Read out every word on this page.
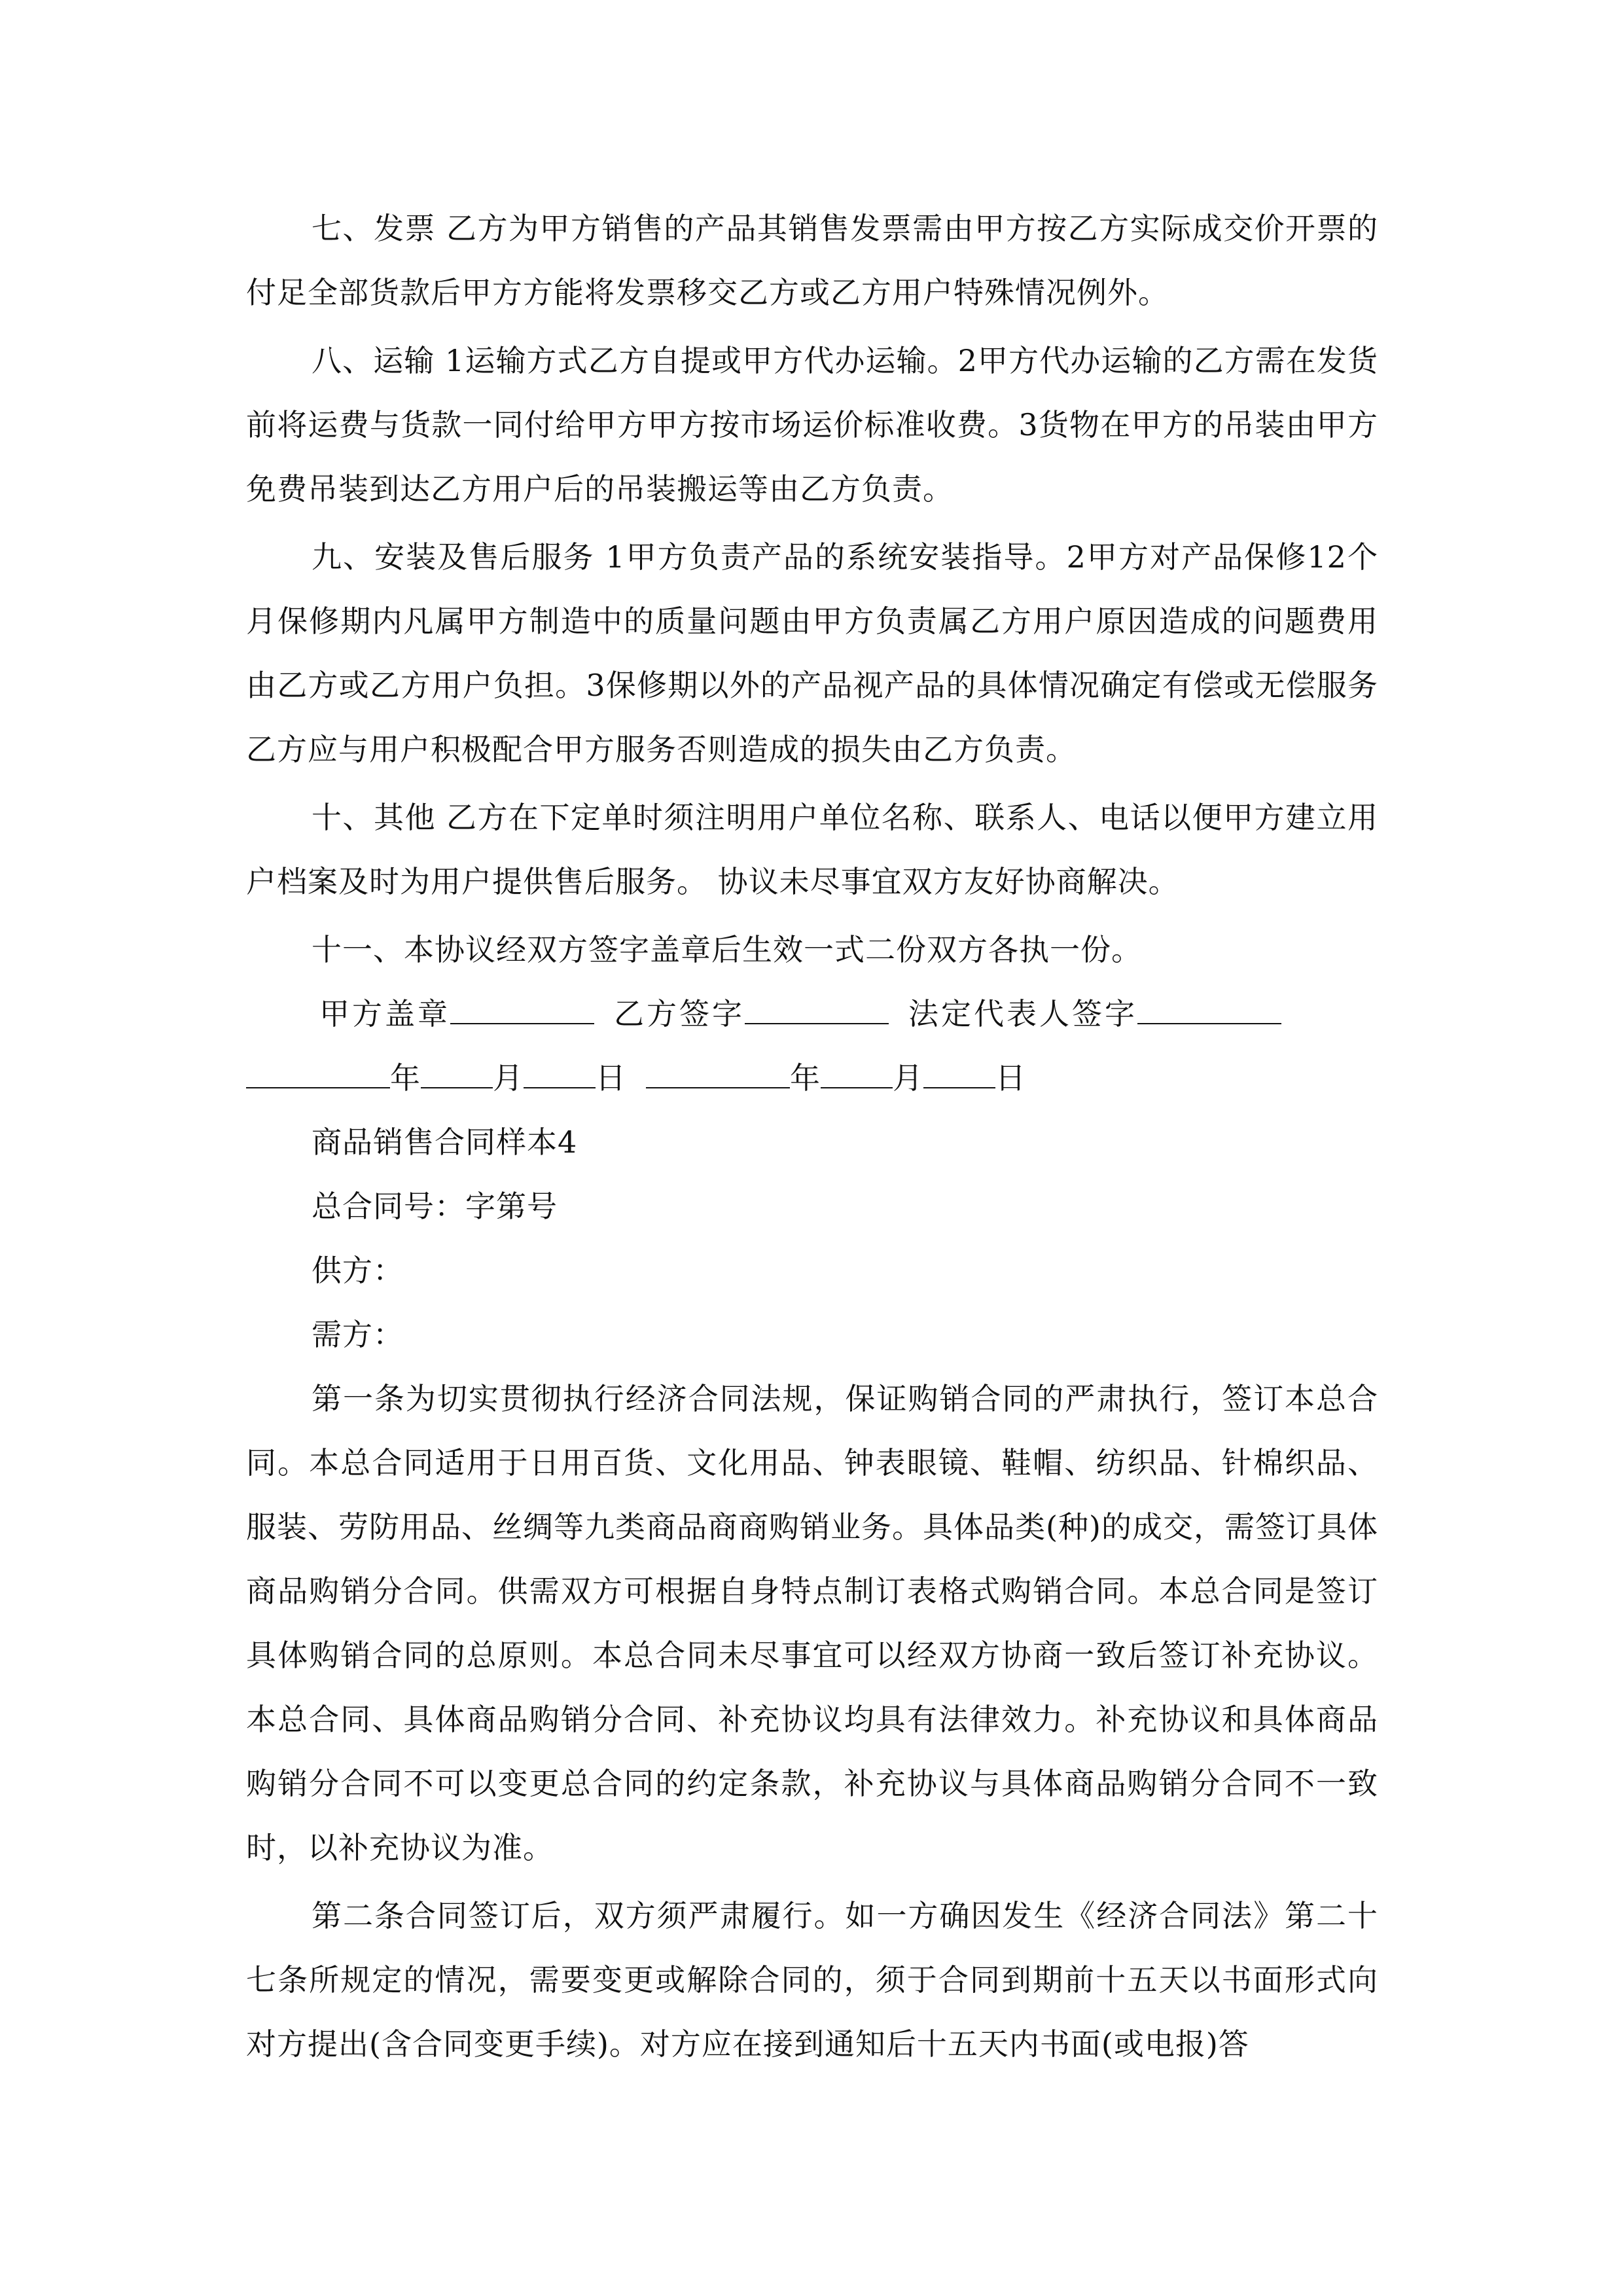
七、发票 乙方为甲方销售的产品其销售发票需由甲方按乙方实际成交价开票的付足全部货款后甲方方能将发票移交乙方或乙方用户特殊情况例外。

八、运输 1运输方式乙方自提或甲方代办运输。2甲方代办运输的乙方需在发货前将运费与货款一同付给甲方甲方按市场运价标准收费。3货物在甲方的吊装由甲方免费吊装到达乙方用户后的吊装搬运等由乙方负责。

九、安装及售后服务 1甲方负责产品的系统安装指导。2甲方对产品保修12个月保修期内凡属甲方制造中的质量问题由甲方负责属乙方用户原因造成的问题费用由乙方或乙方用户负担。3保修期以外的产品视产品的具体情况确定有偿或无偿服务乙方应与用户积极配合甲方服务否则造成的损失由乙方负责。

十、其他 乙方在下定单时须注明用户单位名称、联系人、电话以便甲方建立用户档案及时为用户提供售后服务。 协议未尽事宜双方友好协商解决。

十一、本协议经双方签字盖章后生效一式二份双方各执一份。

甲方盖章	乙方签字	法定代表人签字
年 月 日	年 月 日
商品销售合同样本4
总合同号：字第号
供方：
需方：

第一条为切实贯彻执行经济合同法规，保证购销合同的严肃执行，签订本总合同。本总合同适用于日用百货、文化用品、钟表眼镜、鞋帽、纺织品、针棉织品、服装、劳防用品、丝绸等九类商品商商购销业务。具体品类(种)的成交，需签订具体商品购销分合同。供需双方可根据自身特点制订表格式购销合同。本总合同是签订具体购销合同的总原则。本总合同未尽事宜可以经双方协商一致后签订补充协议。本总合同、具体商品购销分合同、补充协议均具有法律效力。补充协议和具体商品购销分合同不可以变更总合同的约定条款，补充协议与具体商品购销分合同不一致时，以补充协议为准。

第二条合同签订后，双方须严肃履行。如一方确因发生《经济合同法》第二十七条所规定的情况，需要变更或解除合同的，须于合同到期前十五天以书面形式向对方提出(含合同变更手续)。对方应在接到通知后十五天内书面(或电报)答
